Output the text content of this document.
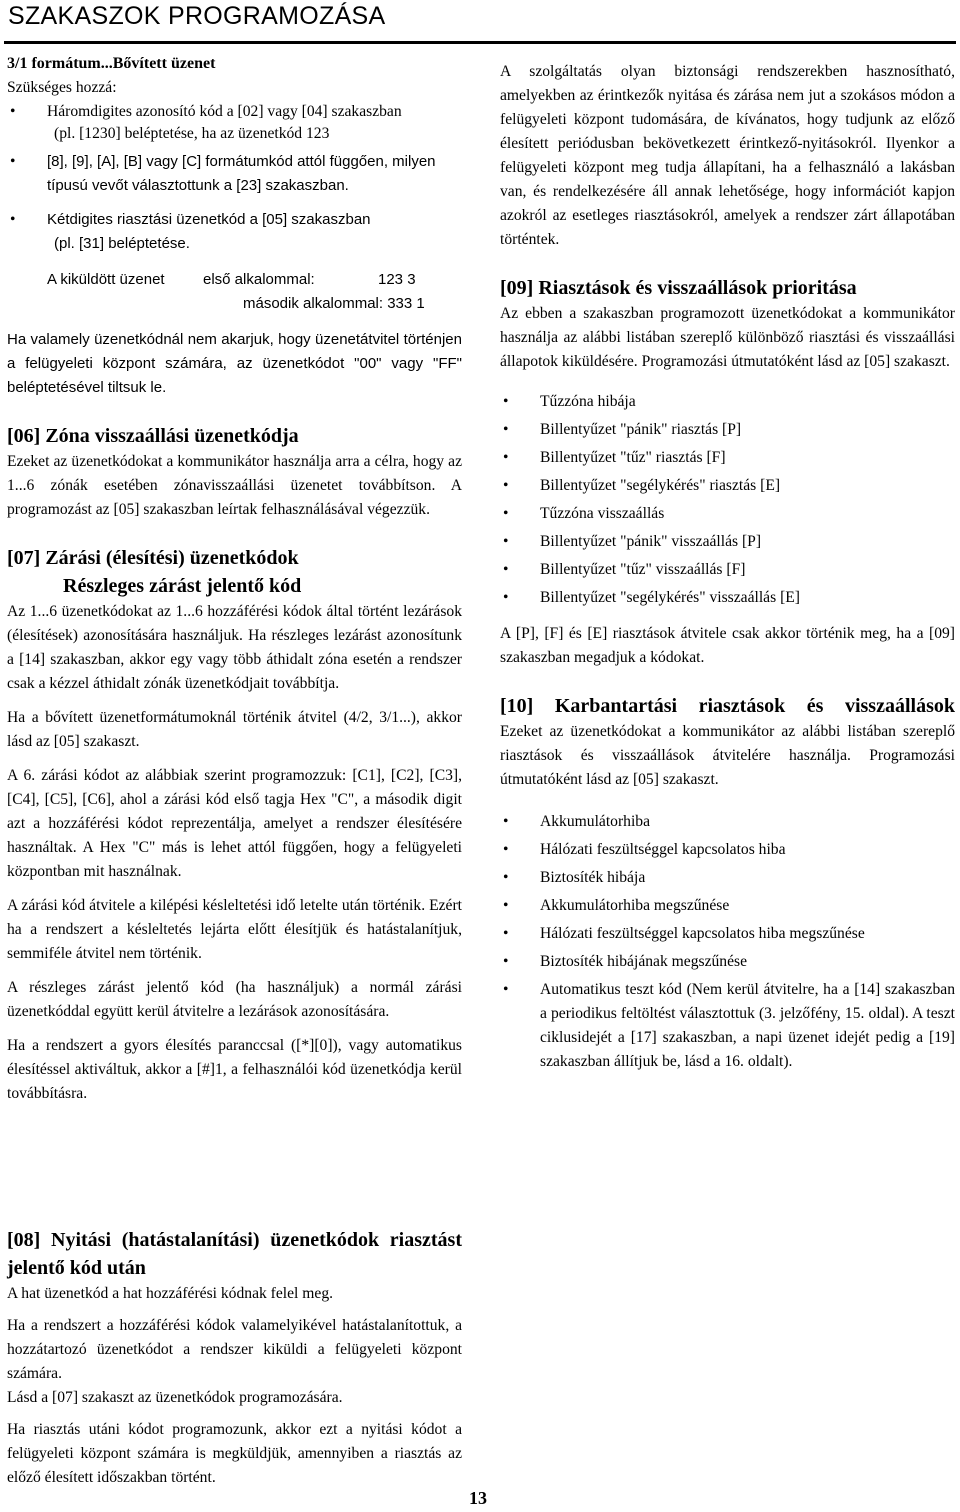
SZAKASZOK PROGRAMOZÁSA

3/1 formátum...Bővített üzenet

Szükséges hozzá:

• Háromdigites azonosító kód a [02] vagy [04] szakaszban

(pl. [1230] beléptetése, ha az üzenetkód 123

• [8], [9], [A], [B] vagy [C] formátumkód attól függően, milyen típusú vevőt választottunk a [23] szakaszban.
• Kétdigites riasztási üzenetkód a [05] szakaszban

(pl. [31] beléptetése.

A kiküldött üzenet	első alkalommal:	123 3

második alkalommal: 333 1

Ha valamely üzenetkódnál nem akarjuk, hogy üzenetátvitel történjen a felügyeleti központ számára, az üzenetkódot "00" vagy "FF" beléptetésével tiltsuk le.

[06] Zóna visszaállási üzenetkódja

Ezeket az üzenetkódokat a kommunikátor használja arra a célra, hogy az 1...6 zónák esetében zónavisszaállási üzenetet továbbítson. A programozást az [05] szakaszban leírtak felhasználásával végezzük.

[07] Zárási (élesítési) üzenetkódok
Részleges zárást jelentő kód

Az 1...6 üzenetkódokat az 1...6 hozzáférési kódok által történt lezárások (élesítések) azonosítására használjuk. Ha részleges lezárást azonosítunk a [14] szakaszban, akkor egy vagy több áthidalt zóna esetén a rendszer csak a kézzel áthidalt zónák üzenetkódjait továbbítja.

Ha a bővített üzenetformátumoknál történik átvitel (4/2, 3/1...), akkor lásd az [05] szakaszt.

A 6. zárási kódot az alábbiak szerint programozzuk: [C1], [C2], [C3], [C4], [C5], [C6], ahol a zárási kód első tagja Hex "C", a második digit azt a hozzáférési kódot reprezentálja, amelyet a rendszer élesítésére használtak. A Hex "C" más is lehet attól függően, hogy a felügyeleti központban mit használnak.

A zárási kód átvitele a kilépési késleltetési idő letelte után történik. Ezért ha a rendszert a késleltetés lejárta előtt élesítjük és hatástalanítjuk, semmiféle átvitel nem történik.

A részleges zárást jelentő kód (ha használjuk) a normál zárási üzenetkóddal együtt kerül átvitelre a lezárások azonosítására.

Ha a rendszert a gyors élesítés paranccsal ([*][0]), vagy automatikus élesítéssel aktiváltuk, akkor a [#]1, a felhasználói kód üzenetkódja kerül továbbításra.

[08] Nyitási (hatástalanítási) üzenetkódok riasztást jelentő kód után

A hat üzenetkód a hat hozzáférési kódnak felel meg.

Ha a rendszert a hozzáférési kódok valamelyikével hatástalanítottuk, a hozzátartozó üzenetkódot a rendszer kiküldi a felügyeleti központ számára.

Lásd a [07] szakaszt az üzenetkódok programozására.

Ha riasztás utáni kódot programozunk, akkor ezt a nyitási kódot a felügyeleti központ számára is megküldjük, amennyiben a riasztás az előző élesített időszakban történt.

A szolgáltatás olyan biztonsági rendszerekben hasznosítható, amelyekben az érintkezők nyitása és zárása nem jut a szokásos módon a felügyeleti központ tudomására, de kívánatos, hogy tudjunk az előző élesített periódusban bekövetkezett érintkező-nyitásokról. Ilyenkor a felügyeleti központ meg tudja állapítani, ha a felhasználó a lakásban van, és rendelkezésére áll annak lehetősége, hogy információt kapjon azokról az esetleges riasztásokról, amelyek a rendszer zárt állapotában történtek.

[09] Riasztások és visszaállások prioritása

Az ebben a szakaszban programozott üzenetkódokat a kommunikátor használja az alábbi listában szereplő különböző riasztási és visszaállási állapotok kiküldésére. Programozási útmutatóként lásd az [05] szakaszt.

• Tűzzóna hibája
• Billentyűzet "pánik" riasztás [P]
• Billentyűzet "tűz" riasztás [F]
• Billentyűzet "segélykérés" riasztás [E]
• Tűzzóna visszaállás
• Billentyűzet "pánik" visszaállás [P]
• Billentyűzet "tűz" visszaállás [F]
• Billentyűzet "segélykérés" visszaállás [E]

A [P], [F] és [E] riasztások átvitele csak akkor történik meg, ha a [09] szakaszban megadjuk a kódokat.

[10] Karbantartási riasztások és visszaállások

Ezeket az üzenetkódokat a kommunikátor az alábbi listában szereplő riasztások és visszaállások átvitelére használja. Programozási útmutatóként lásd az [05] szakaszt.

• Akkumulátorhiba
• Hálózati feszültséggel kapcsolatos hiba
• Biztosíték hibája
• Akkumulátorhiba megszűnése
• Hálózati feszültséggel kapcsolatos hiba megszűnése
• Biztosíték hibájának megszűnése
• Automatikus teszt kód (Nem kerül átvitelre, ha a [14] szakaszban a periodikus feltöltést választottuk (3. jelzőfény, 15. oldal). A teszt ciklusidejét a [17] szakaszban, a napi üzenet idejét pedig a [19] szakaszban állítjuk be, lásd a 16. oldalt).
13
